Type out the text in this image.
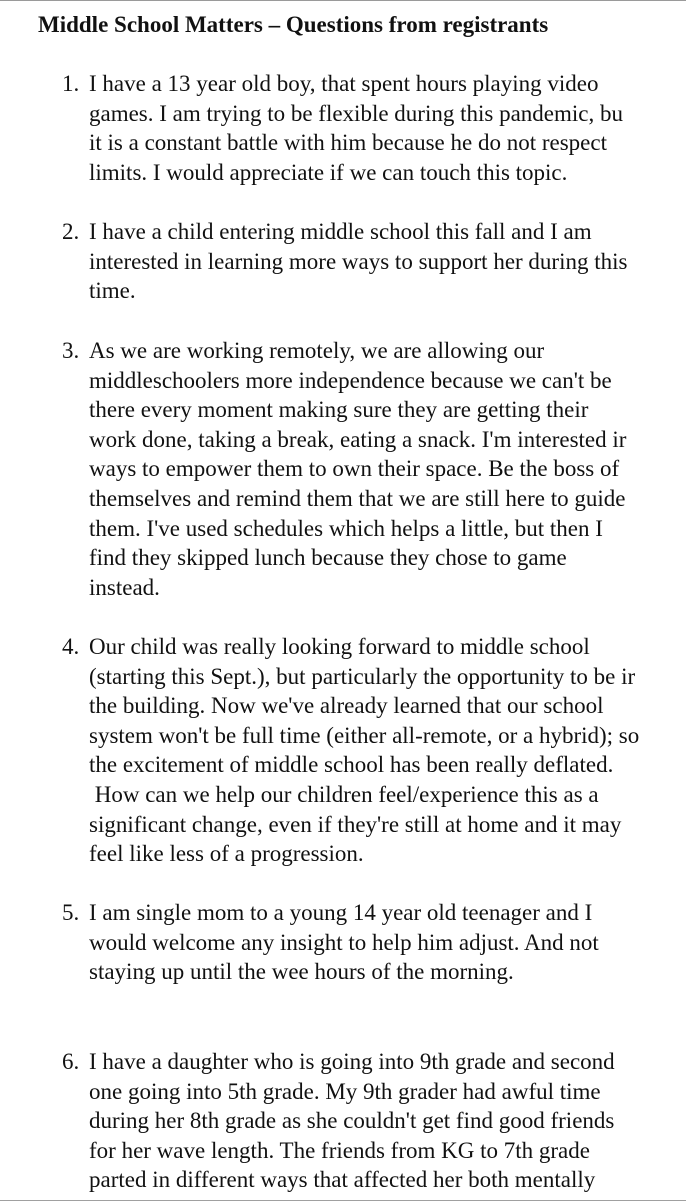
Middle School Matters – Questions from registrants
1. I have a 13 year old boy, that spent hours playing video
games. I am trying to be flexible during this pandemic, bu
it is a constant battle with him because he do not respect
limits. I would appreciate if we can touch this topic.
2. I have a child entering middle school this fall and I am
interested in learning more ways to support her during this
time.
3. As we are working remotely, we are allowing our
middleschoolers more independence because we can't be
there every moment making sure they are getting their
work done, taking a break, eating a snack. I'm interested ir
ways to empower them to own their space. Be the boss of
themselves and remind them that we are still here to guide
them. I've used schedules which helps a little, but then I
find they skipped lunch because they chose to game
instead.
4. Our child was really looking forward to middle school
(starting this Sept.), but particularly the opportunity to be ir
the building. Now we've already learned that our school
system won't be full time (either all-remote, or a hybrid); so
the excitement of middle school has been really deflated.
How can we help our children feel/experience this as a
significant change, even if they're still at home and it may
feel like less of a progression.
5. I am single mom to a young 14 year old teenager and I
would welcome any insight to help him adjust. And not
staying up until the wee hours of the morning.
6. I have a daughter who is going into 9th grade and second
one going into 5th grade. My 9th grader had awful time
during her 8th grade as she couldn't get find good friends
for her wave length. The friends from KG to 7th grade
parted in different ways that affected her both mentally
